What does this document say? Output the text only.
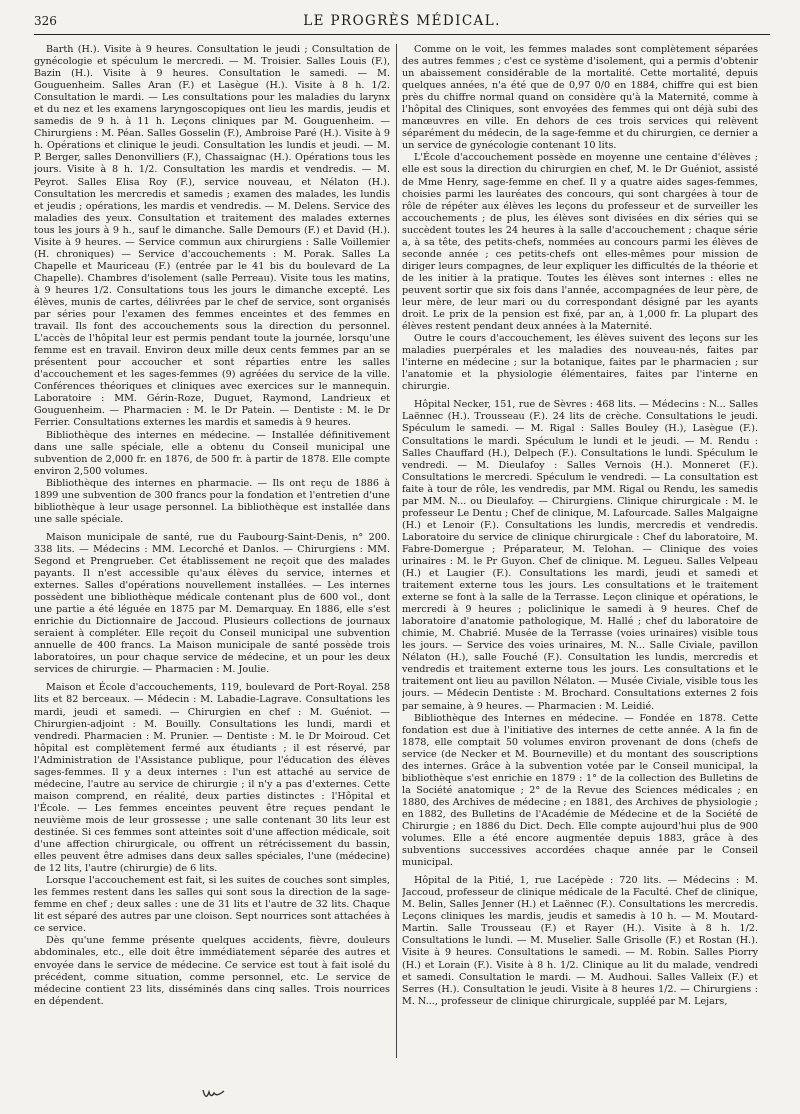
326	LE PROGRÈS MÉDICAL.

Barth (H.). Visite à 9 heures. Consultation le jeudi ; Consultation de gynécologie et spéculum le mercredi. — M. Troisier. Salles Louis (F.), Bazin (H.). Visite à 9 heures. Consultation le samedi. — M. Gouguenheim. Salles Aran (F.) et Lasègue (H.). Visite à 8 h. 1/2. Consultation le mardi. — Les consultations pour les maladies du larynx et du nez et les examens laryngoscopiques ont lieu les mardis, jeudis et samedis de 9 h. à 11 h. Leçons cliniques par M. Gouguenheim. — Chirurgiens : M. Péan. Salles Gosselin (F.), Ambroise Paré (H.). Visite à 9 h. Opérations et clinique le jeudi. Consultation les lundis et jeudi. — M. P. Berger, salles Denonvilliers (F.), Chassaignac (H.). Opérations tous les jours. Visite à 8 h. 1/2. Consultation les mardis et vendredis. — M. Peyrot. Salles Elisa Roy (F.), service nouveau, et Nélaton (H.). Consultation les mercredis et samedis ; examen des malades, les lundis et jeudis ; opérations, les mardis et vendredis. — M. Delens. Service des maladies des yeux. Consultation et traitement des malades externes tous les jours à 9 h., sauf le dimanche. Salle Demours (F.) et David (H.). Visite à 9 heures. — Service commun aux chirurgiens : Salle Voillemier (H. chroniques) — Service d'accouchements : M. Porak. Salles La Chapelle et Mauriceau (F.) (entrée par le 41 bis du boulevard de La Chapelle). Chambres d'isolement (salle Perreau). Visite tous les matins, à 9 heures 1/2. Consultations tous les jours le dimanche excepté. Les élèves, munis de cartes, délivrées par le chef de service, sont organisés par séries pour l'examen des femmes enceintes et des femmes en travail. Ils font des accouchements sous la direction du personnel. L'accès de l'hôpital leur est permis pendant toute la journée, lorsqu'une femme est en travail. Environ deux mille deux cents femmes par an se présentent pour accoucher et sont réparties entre les salles d'accouchement et les sages-femmes (9) agréées du service de la ville. Conférences théoriques et cliniques avec exercices sur le mannequin. Laboratoire : MM. Gérin-Roze, Duguet, Raymond, Landrieux et Gouguenheim. — Pharmacien : M. le Dr Patein. — Dentiste : M. le Dr Ferrier. Consultations externes les mardis et samedis à 9 heures.

Bibliothèque des internes en médecine. — Installée définitivement dans une salle spéciale, elle a obtenu du Conseil municipal une subvention de 2,000 fr. en 1876, de 500 fr. à partir de 1878. Elle compte environ 2,500 volumes.

Bibliothèque des internes en pharmacie. — Ils ont reçu de 1886 à 1899 une subvention de 300 francs pour la fondation et l'entretien d'une bibliothèque à leur usage personnel. La bibliothèque est installée dans une salle spéciale.

Maison municipale de santé, rue du Faubourg-Saint-Denis, n° 200. 338 lits. — Médecins : MM. Lecorché et Danlos. — Chirurgiens : MM. Segond et Prengrueber. Cet établissement ne reçoit que des malades payants. Il n'est accessible qu'aux élèves du service, internes et externes. Salles d'opérations nouvellement installées. — Les internes possèdent une bibliothèque médicale contenant plus de 600 vol., dont une partie a été léguée en 1875 par M. Demarquay. En 1886, elle s'est enrichie du Dictionnaire de Jaccoud. Plusieurs collections de journaux seraient à compléter. Elle reçoit du Conseil municipal une subvention annuelle de 400 francs. La Maison municipale de santé possède trois laboratoires, un pour chaque service de médecine, et un pour les deux services de chirurgie. — Pharmacien : M. Joulie.

Maison et École d'accouchements, 119, boulevard de Port-Royal. 258 lits et 82 berceaux. — Médecin : M. Labadie-Lagrave. Consultations les mardi, jeudi et samedi. — Chirurgien en chef : M. Guéniot. — Chirurgien-adjoint : M. Bouilly. Consultations les lundi, mardi et vendredi. Pharmacien : M. Prunier. — Dentiste : M. le Dr Moiroud. Cet hôpital est complètement fermé aux étudiants ; il est réservé, par l'Administration de l'Assistance publique, pour l'éducation des élèves sages-femmes. Il y a deux internes : l'un est attaché au service de médecine, l'autre au service de chirurgie ; il n'y a pas d'externes. Cette maison comprend, en réalité, deux parties distinctes : l'Hôpital et l'École. — Les femmes enceintes peuvent être reçues pendant le neuvième mois de leur grossesse ; une salle contenant 30 lits leur est destinée. Si ces femmes sont atteintes soit d'une affection médicale, soit d'une affection chirurgicale, ou offrent un rétrécissement du bassin, elles peuvent être admises dans deux salles spéciales, l'une (médecine) de 12 lits, l'autre (chirurgie) de 6 lits.

Lorsque l'accouchement est fait, si les suites de couches sont simples, les femmes restent dans les salles qui sont sous la direction de la sage-femme en chef ; deux salles : une de 31 lits et l'autre de 32 lits. Chaque lit est séparé des autres par une cloison. Sept nourrices sont attachées à ce service.

Dès qu'une femme présente quelques accidents, fièvre, douleurs abdominales, etc., elle doit être immédiatement séparée des autres et envoyée dans le service de médecine. Ce service est tout à fait isolé du précédent, comme situation, comme personnel, etc. Le service de médecine contient 23 lits, disséminés dans cinq salles. Trois nourrices en dépendent.

Comme on le voit, les femmes malades sont complètement séparées des autres femmes ; c'est ce système d'isolement, qui a permis d'obtenir un abaissement considérable de la mortalité. Cette mortalité, depuis quelques années, n'a été que de 0,97 0/0 en 1884, chiffre qui est bien près du chiffre normal quand on considère qu'à la Maternité, comme à l'hôpital des Cliniques, sont envoyées des femmes qui ont déjà subi des manœuvres en ville. En dehors de ces trois services qui relèvent séparément du médecin, de la sage-femme et du chirurgien, ce dernier a un service de gynécologie contenant 10 lits.

L'École d'accouchement possède en moyenne une centaine d'élèves ; elle est sous la direction du chirurgien en chef, M. le Dr Guéniot, assisté de Mme Henry, sage-femme en chef. Il y a quatre aides sages-femmes, choisies parmi les lauréates des concours, qui sont chargées à tour de rôle de répéter aux élèves les leçons du professeur et de surveiller les accouchements ; de plus, les élèves sont divisées en dix séries qui se succèdent toutes les 24 heures à la salle d'accouchement ; chaque série a, à sa tête, des petits-chefs, nommées au concours parmi les élèves de seconde année ; ces petits-chefs ont elles-mêmes pour mission de diriger leurs compagnes, de leur expliquer les difficultés de la théorie et de les initier à la pratique. Toutes les élèves sont internes : elles ne peuvent sortir que six fois dans l'année, accompagnées de leur père, de leur mère, de leur mari ou du correspondant désigné par les ayants droit. Le prix de la pension est fixé, par an, à 1,000 fr. La plupart des élèves restent pendant deux années à la Maternité.

Outre le cours d'accouchement, les élèves suivent des leçons sur les maladies puerpérales et les maladies des nouveau-nés, faites par l'interne en médecine ; sur la botanique, faites par le pharmacien ; sur l'anatomie et la physiologie élémentaires, faites par l'interne en chirurgie.

Hôpital Necker, 151, rue de Sèvres : 468 lits. — Médecins : N... Salles Laënnec (H.). Trousseau (F.). 24 lits de crèche. Consultations le jeudi. Spéculum le samedi. — M. Rigal : Salles Bouley (H.), Lasègue (F.). Consultations le mardi. Spéculum le lundi et le jeudi. — M. Rendu : Salles Chauffard (H.), Delpech (F.). Consultations le lundi. Spéculum le vendredi. — M. Dieulafoy : Salles Vernois (H.). Monneret (F.). Consultations le mercredi. Spéculum le vendredi. — La consultation est faite à tour de rôle, les vendredis, par MM. Rigal ou Rendu, les samedis par MM. N... ou Dieulafoy. — Chirurgiens. Clinique chirurgicale : M. le professeur Le Dentu ; Chef de clinique, M. Lafourcade. Salles Malgaigne (H.) et Lenoir (F.). Consultations les lundis, mercredis et vendredis. Laboratoire du service de clinique chirurgicale : Chef du laboratoire, M. Fabre-Domergue ; Préparateur, M. Telohan. — Clinique des voies urinaires : M. le Pr Guyon. Chef de clinique. M. Legueu. Salles Velpeau (H.) et Laugier (F.). Consultations les mardi, jeudi et samedi et traitement externe tous les jours. Les consultations et le traitement externe se font à la salle de la Terrasse. Leçon clinique et opérations, le mercredi à 9 heures ; policlinique le samedi à 9 heures. Chef de laboratoire d'anatomie pathologique, M. Hallé ; chef du laboratoire de chimie, M. Chabrié. Musée de la Terrasse (voies urinaires) visible tous les jours. — Service des voies urinaires, M. N... Salle Civiale, pavillon Nélaton (H.), salle Fouché (F.). Consultation les lundis, mercredis et vendredis et traitement externe tous les jours. Les consultations et le traitement ont lieu au pavillon Nélaton. — Musée Civiale, visible tous les jours. — Médecin Dentiste : M. Brochard. Consultations externes 2 fois par semaine, à 9 heures. — Pharmacien : M. Leidié.

Bibliothèque des Internes en médecine. — Fondée en 1878. Cette fondation est due à l'initiative des internes de cette année. A la fin de 1878, elle comptait 50 volumes environ provenant de dons (chefs de service (de Necker et M. Bourneville) et du montant des souscriptions des internes. Grâce à la subvention votée par le Conseil municipal, la bibliothèque s'est enrichie en 1879 : 1° de la collection des Bulletins de la Société anatomique ; 2° de la Revue des Sciences médicales ; en 1880, des Archives de médecine ; en 1881, des Archives de physiologie ; en 1882, des Bulletins de l'Académie de Médecine et de la Société de Chirurgie ; en 1886 du Dict. Dech. Elle compte aujourd'hui plus de 900 volumes. Elle a été encore augmentée depuis 1883, grâce à des subventions successives accordées chaque année par le Conseil municipal.

Hôpital de la Pitié, 1, rue Lacépède : 720 lits. — Médecins : M. Jaccoud, professeur de clinique médicale de la Faculté. Chef de clinique, M. Belin, Salles Jenner (H.) et Laënnec (F.). Consultations les mercredis. Leçons cliniques les mardis, jeudis et samedis à 10 h. — M. Moutard-Martin. Salle Trousseau (F.) et Rayer (H.). Visite à 8 h. 1/2. Consultations le lundi. — M. Muselier. Salle Grisolle (F.) et Rostan (H.). Visite à 9 heures. Consultations le samedi. — M. Robin. Salles Piorry (H.) et Lorain (F.). Visite à 8 h. 1/2. Clinique au lit du malade, vendredi et samedi. Consultation le mardi. — M. Audhoui. Salles Valleix (F.) et Serres (H.). Consultation le jeudi. Visite à 8 heures 1/2. — Chirurgiens : M. N..., professeur de clinique chirurgicale, suppléé par M. Lejars,
